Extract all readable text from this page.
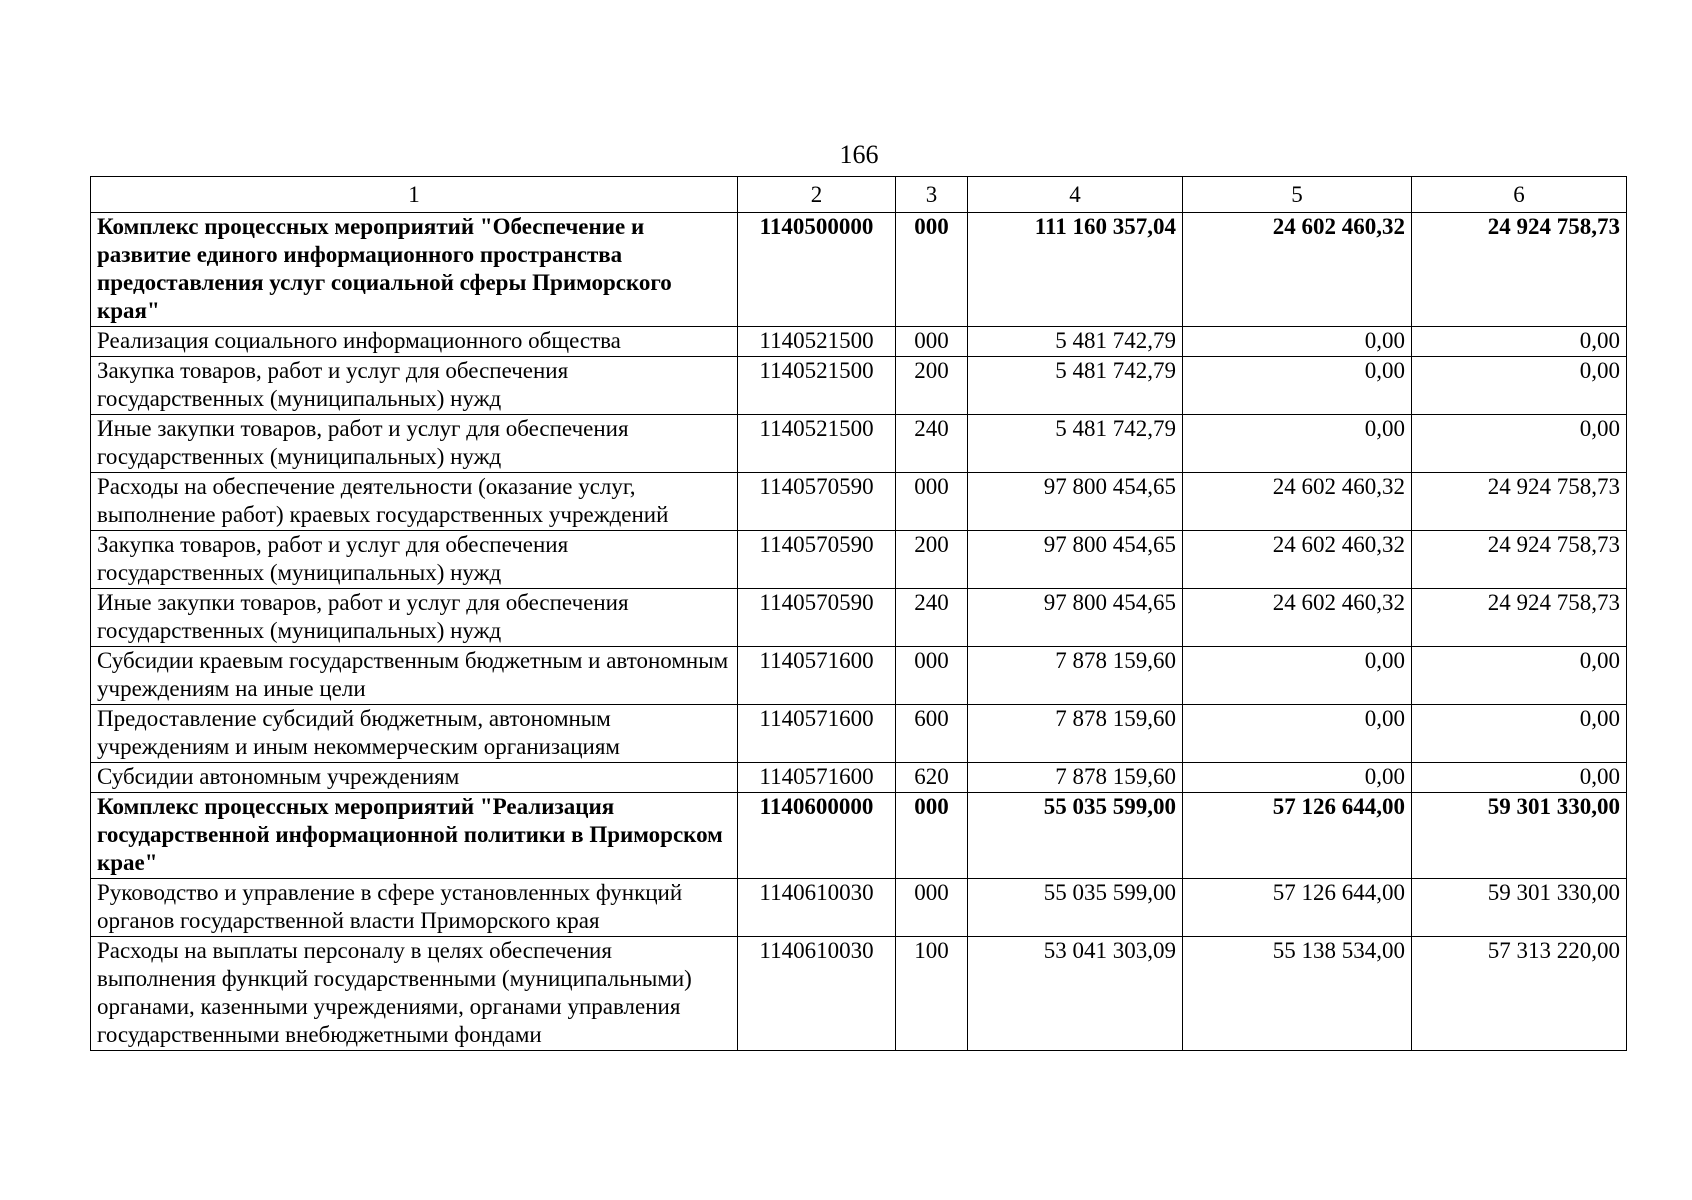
166
1	2	3	4	5	6
Комплекс процессных мероприятий "Обеспечение и развитие единого информационного пространства предоставления услуг социальной сферы Приморского края"	1140500000	000	111 160 357,04	24 602 460,32	24 924 758,73
Реализация социального информационного общества	1140521500	000	5 481 742,79	0,00	0,00
Закупка товаров, работ и услуг для обеспечения государственных (муниципальных) нужд	1140521500	200	5 481 742,79	0,00	0,00
Иные закупки товаров, работ и услуг для обеспечения государственных (муниципальных) нужд	1140521500	240	5 481 742,79	0,00	0,00
Расходы на обеспечение деятельности (оказание услуг, выполнение работ) краевых государственных учреждений	1140570590	000	97 800 454,65	24 602 460,32	24 924 758,73
Закупка товаров, работ и услуг для обеспечения государственных (муниципальных) нужд	1140570590	200	97 800 454,65	24 602 460,32	24 924 758,73
Иные закупки товаров, работ и услуг для обеспечения государственных (муниципальных) нужд	1140570590	240	97 800 454,65	24 602 460,32	24 924 758,73
Субсидии краевым государственным бюджетным и автономным учреждениям на иные цели	1140571600	000	7 878 159,60	0,00	0,00
Предоставление субсидий бюджетным, автономным учреждениям и иным некоммерческим организациям	1140571600	600	7 878 159,60	0,00	0,00
Субсидии автономным учреждениям	1140571600	620	7 878 159,60	0,00	0,00
Комплекс процессных мероприятий "Реализация государственной информационной политики в Приморском крае"	1140600000	000	55 035 599,00	57 126 644,00	59 301 330,00
Руководство и управление в сфере установленных функций органов государственной власти Приморского края	1140610030	000	55 035 599,00	57 126 644,00	59 301 330,00
Расходы на выплаты персоналу в целях обеспечения выполнения функций государственными (муниципальными) органами, казенными учреждениями, органами управления государственными внебюджетными фондами	1140610030	100	53 041 303,09	55 138 534,00	57 313 220,00
